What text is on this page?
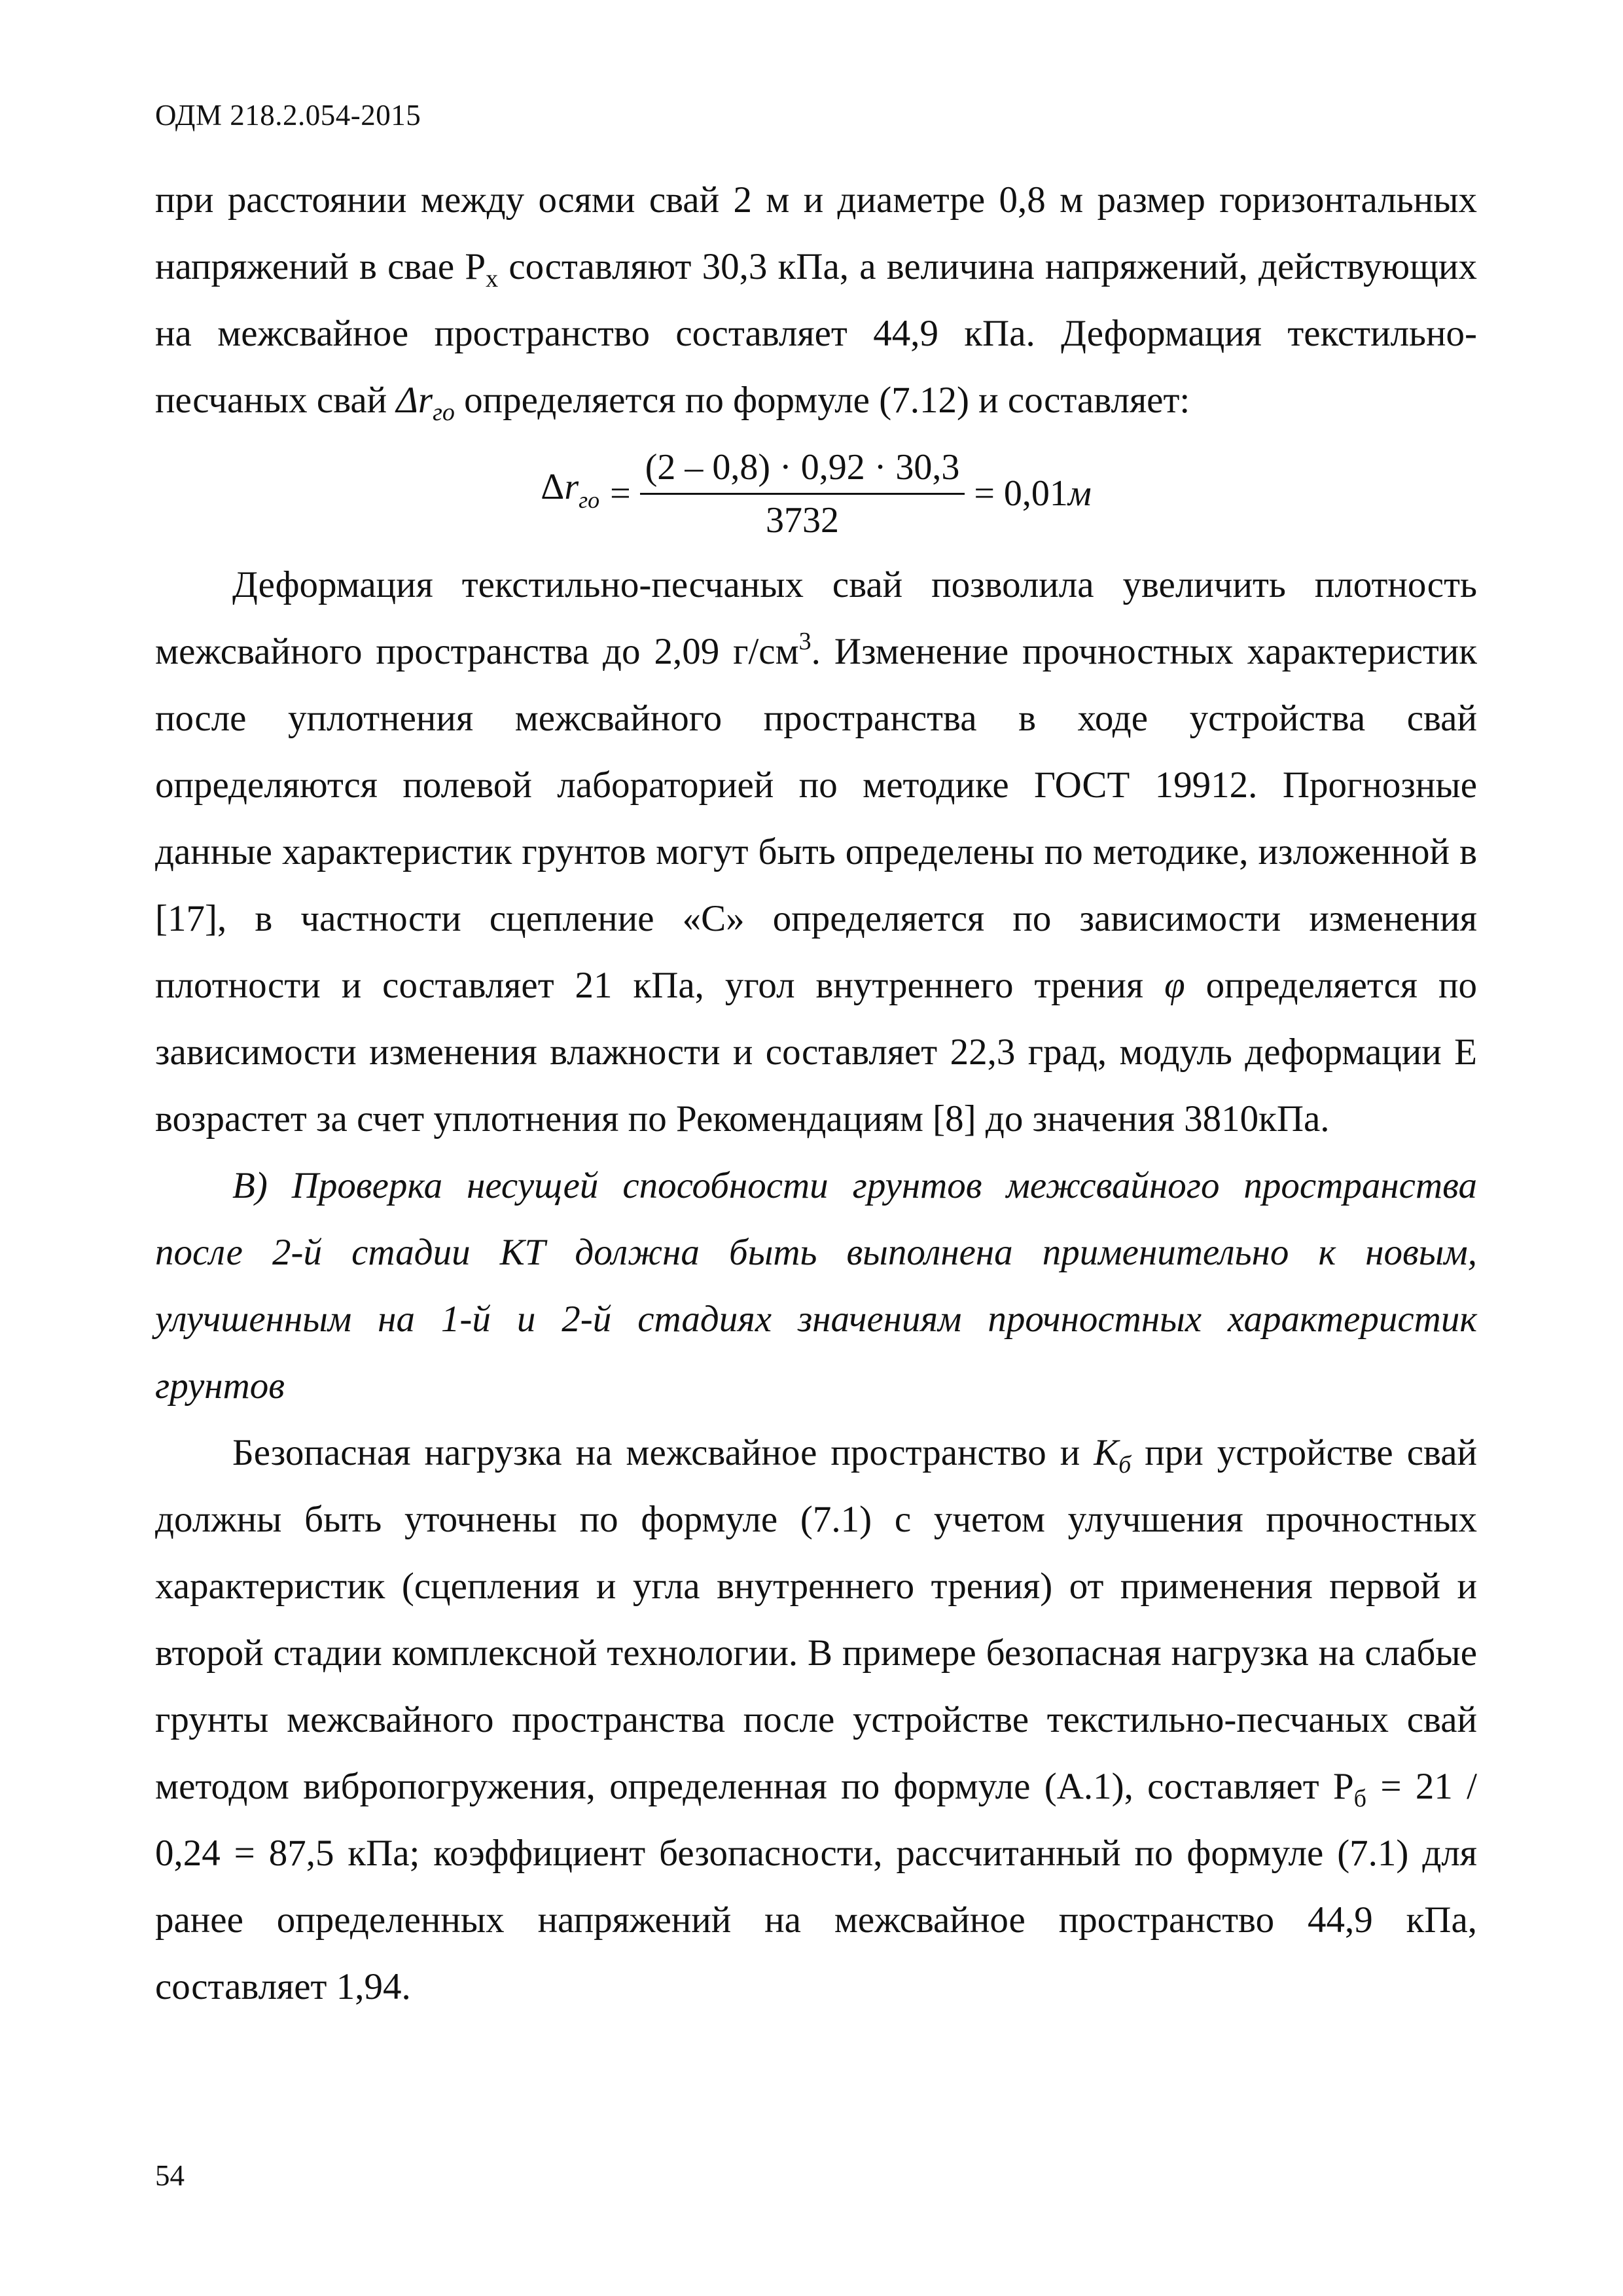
ОДМ 218.2.054-2015

при расстоянии между осями свай 2 м и диаметре 0,8 м размер горизонтальных напряжений в свае $Р_х$ составляют 30,3 кПа, а величина напряжений, действующих на межсвайное пространство составляет 44,9 кПа. Деформация текстильно-песчаных свай $\Delta r_{го}$ определяется по формуле (7.12) и составляет:

$\Delta r_{го} = \frac{(2 - 0,8) \cdot 0,92 \cdot 30,3}{3732} = 0,01м$

Деформация текстильно-песчаных свай позволила увеличить плотность межсвайного пространства до 2,09 $г/см^3$. Изменение прочностных характеристик после уплотнения межсвайного пространства в ходе устройства свай определяются полевой лабораторией по методике ГОСТ 19912. Прогнозные данные характеристик грунтов могут быть определены по методике, изложенной в [17], в частности сцепление «С» определяется по зависимости изменения плотности и составляет 21 кПа, угол внутреннего трения φ определяется по зависимости изменения влажности и составляет 22,3 град, модуль деформации Е возрастет за счет уплотнения по Рекомендациям [8] до значения 3810кПа.

В) Проверка несущей способности грунтов межсвайного пространства после 2-й стадии КТ должна быть выполнена применительно к новым, улучшенным на 1-й и 2-й стадиях значениям прочностных характеристик грунтов

Безопасная нагрузка на межсвайное пространство и $К_б$ при устройстве свай должны быть уточнены по формуле (7.1) с учетом улучшения прочностных характеристик (сцепления и угла внутреннего трения) от применения первой и второй стадии комплексной технологии. В примере безопасная нагрузка на слабые грунты межсвайного пространства после устройстве текстильно-песчаных свай методом вибропогружения, определенная по формуле (А.1), составляет $Р_б = 21 / 0,24 = 87,5$ кПа; коэффициент безопасности, рассчитанный по формуле (7.1) для ранее определенных напряжений на межсвайное пространство 44,9 кПа, составляет 1,94.

54
